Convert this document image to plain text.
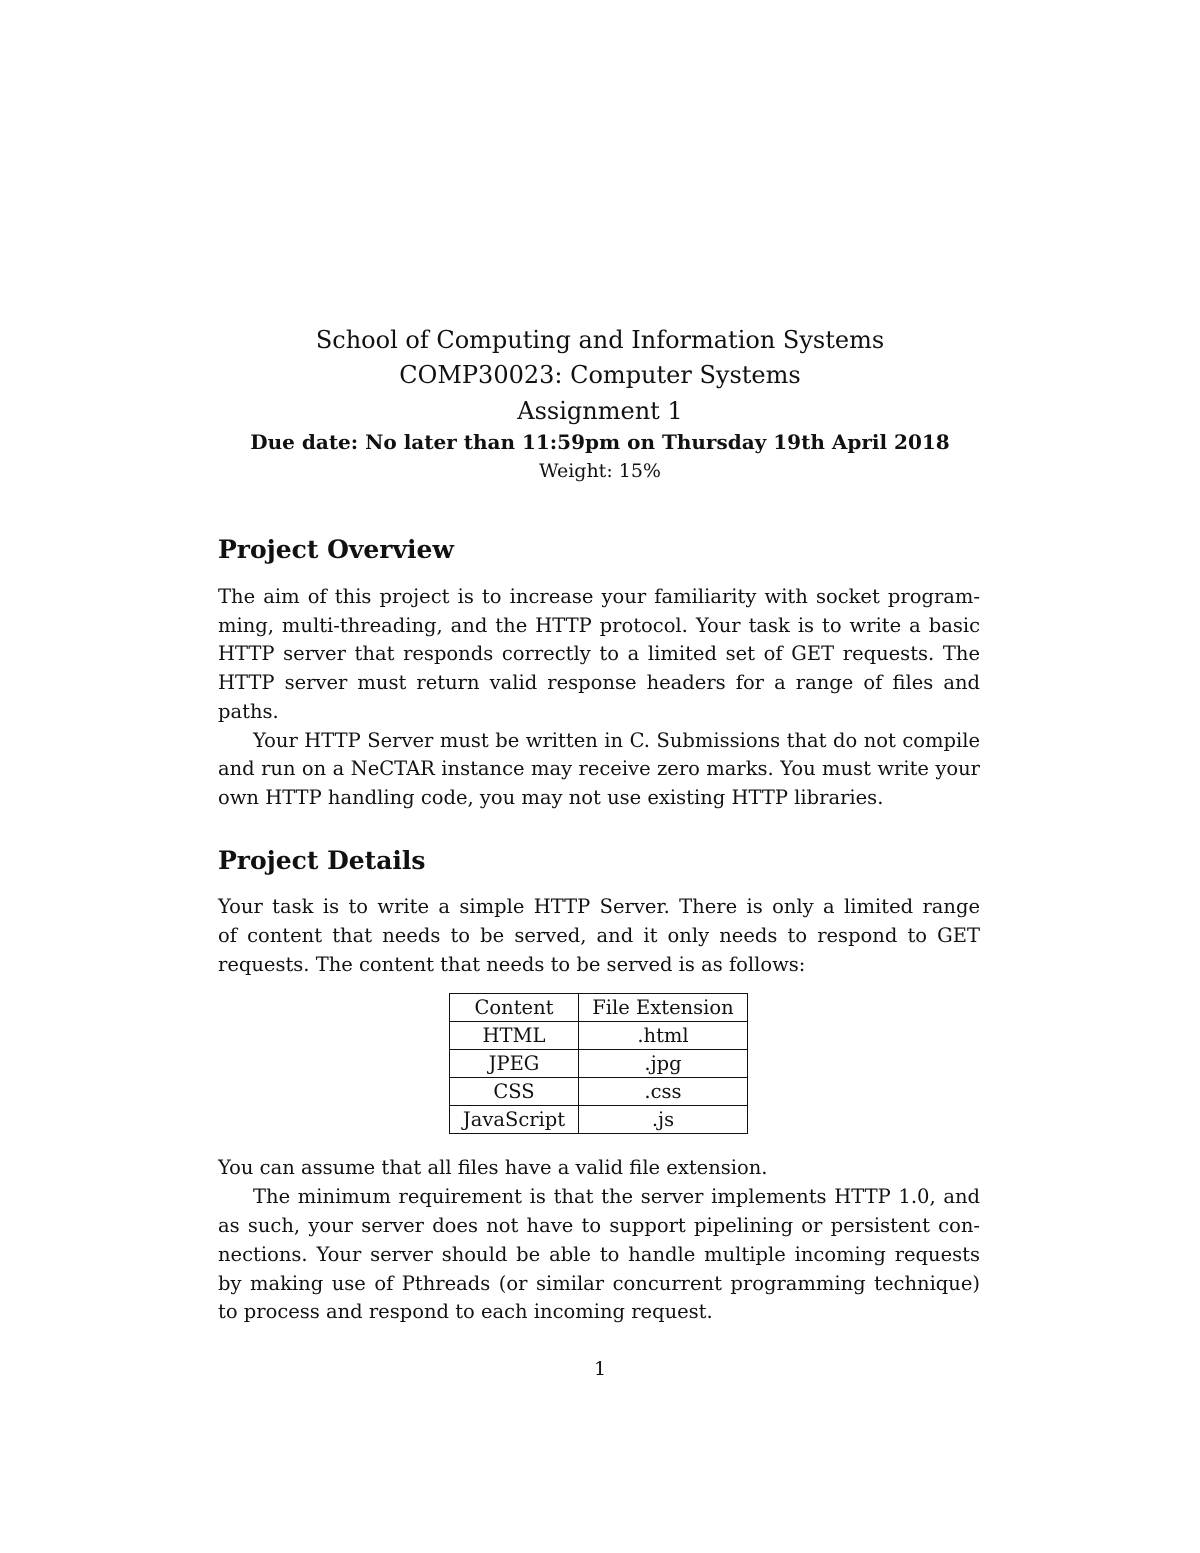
School of Computing and Information Systems
COMP30023: Computer Systems
Assignment 1
Due date: No later than 11:59pm on Thursday 19th April 2018
Weight: 15%
Project Overview
The aim of this project is to increase your familiarity with socket program-
ming, multi-threading, and the HTTP protocol. Your task is to write a basic
HTTP server that responds correctly to a limited set of GET requests. The
HTTP server must return valid response headers for a range of files and
paths.
Your HTTP Server must be written in C. Submissions that do not compile
and run on a NeCTAR instance may receive zero marks. You must write your
own HTTP handling code, you may not use existing HTTP libraries.
Project Details
Your task is to write a simple HTTP Server. There is only a limited range
of content that needs to be served, and it only needs to respond to GET
requests. The content that needs to be served is as follows:
Content	File Extension
HTML	.html
JPEG	.jpg
CSS	.css
JavaScript	.js
You can assume that all files have a valid file extension.
The minimum requirement is that the server implements HTTP 1.0, and
as such, your server does not have to support pipelining or persistent con-
nections. Your server should be able to handle multiple incoming requests
by making use of Pthreads (or similar concurrent programming technique)
to process and respond to each incoming request.
1
